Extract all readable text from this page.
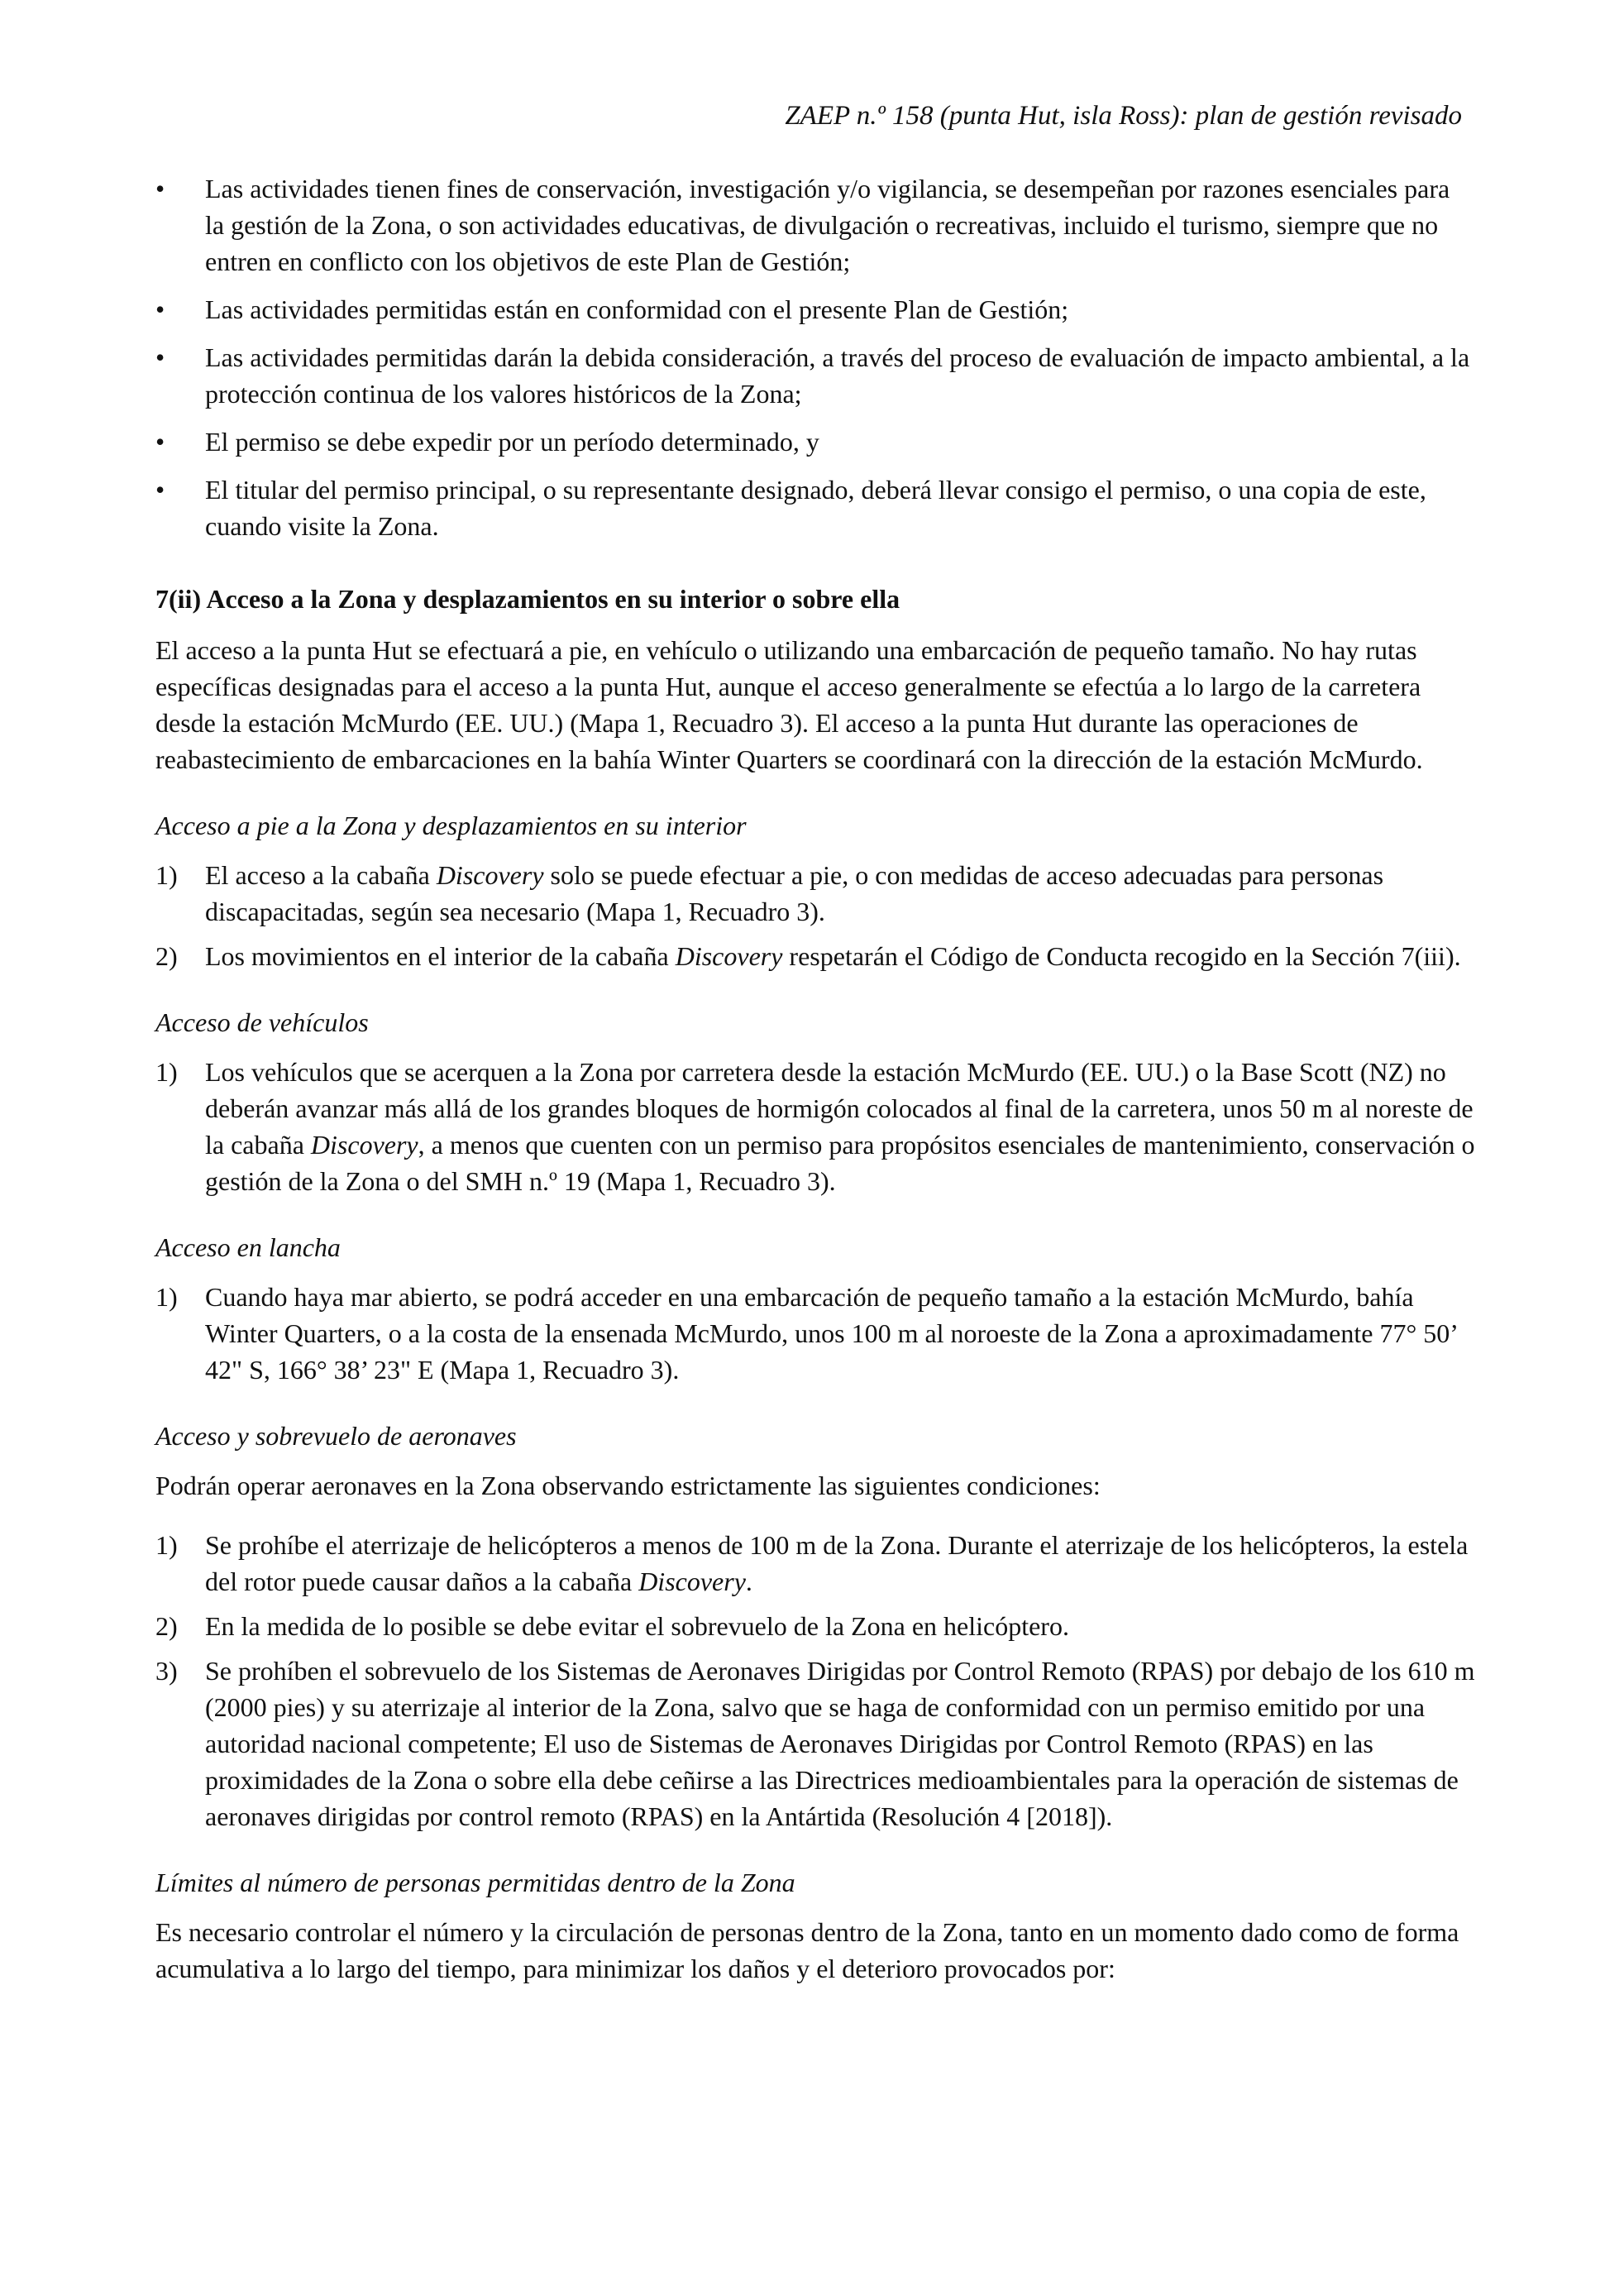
ZAEP n.º 158 (punta Hut, isla Ross): plan de gestión revisado
•	Las actividades tienen fines de conservación, investigación y/o vigilancia, se desempeñan por razones esenciales para la gestión de la Zona, o son actividades educativas, de divulgación o recreativas, incluido el turismo, siempre que no entren en conflicto con los objetivos de este Plan de Gestión;
•	Las actividades permitidas están en conformidad con el presente Plan de Gestión;
•	Las actividades permitidas darán la debida consideración, a través del proceso de evaluación de impacto ambiental, a la protección continua de los valores históricos de la Zona;
•	El permiso se debe expedir por un período determinado, y
•	El titular del permiso principal, o su representante designado, deberá llevar consigo el permiso, o una copia de este, cuando visite la Zona.
7(ii) Acceso a la Zona y desplazamientos en su interior o sobre ella
El acceso a la punta Hut se efectuará a pie, en vehículo o utilizando una embarcación de pequeño tamaño. No hay rutas específicas designadas para el acceso a la punta Hut, aunque el acceso generalmente se efectúa a lo largo de la carretera desde la estación McMurdo (EE. UU.) (Mapa 1, Recuadro 3). El acceso a la punta Hut durante las operaciones de reabastecimiento de embarcaciones en la bahía Winter Quarters se coordinará con la dirección de la estación McMurdo.
Acceso a pie a la Zona y desplazamientos en su interior
1) El acceso a la cabaña Discovery solo se puede efectuar a pie, o con medidas de acceso adecuadas para personas discapacitadas, según sea necesario (Mapa 1, Recuadro 3).
2) Los movimientos en el interior de la cabaña Discovery respetarán el Código de Conducta recogido en la Sección 7(iii).
Acceso de vehículos
1) Los vehículos que se acerquen a la Zona por carretera desde la estación McMurdo (EE. UU.) o la Base Scott (NZ) no deberán avanzar más allá de los grandes bloques de hormigón colocados al final de la carretera, unos 50 m al noreste de la cabaña Discovery, a menos que cuenten con un permiso para propósitos esenciales de mantenimiento, conservación o gestión de la Zona o del SMH n.º 19 (Mapa 1, Recuadro 3).
Acceso en lancha
1) Cuando haya mar abierto, se podrá acceder en una embarcación de pequeño tamaño a la estación McMurdo, bahía Winter Quarters, o a la costa de la ensenada McMurdo, unos 100 m al noroeste de la Zona a aproximadamente 77° 50’ 42" S, 166° 38’ 23" E (Mapa 1, Recuadro 3).
Acceso y sobrevuelo de aeronaves
Podrán operar aeronaves en la Zona observando estrictamente las siguientes condiciones:
1) Se prohíbe el aterrizaje de helicópteros a menos de 100 m de la Zona. Durante el aterrizaje de los helicópteros, la estela del rotor puede causar daños a la cabaña Discovery.
2) En la medida de lo posible se debe evitar el sobrevuelo de la Zona en helicóptero.
3) Se prohíben el sobrevuelo de los Sistemas de Aeronaves Dirigidas por Control Remoto (RPAS) por debajo de los 610 m (2000 pies) y su aterrizaje al interior de la Zona, salvo que se haga de conformidad con un permiso emitido por una autoridad nacional competente; El uso de Sistemas de Aeronaves Dirigidas por Control Remoto (RPAS) en las proximidades de la Zona o sobre ella debe ceñirse a las Directrices medioambientales para la operación de sistemas de aeronaves dirigidas por control remoto (RPAS) en la Antártida (Resolución 4 [2018]).
Límites al número de personas permitidas dentro de la Zona
Es necesario controlar el número y la circulación de personas dentro de la Zona, tanto en un momento dado como de forma acumulativa a lo largo del tiempo, para minimizar los daños y el deterioro provocados por:
